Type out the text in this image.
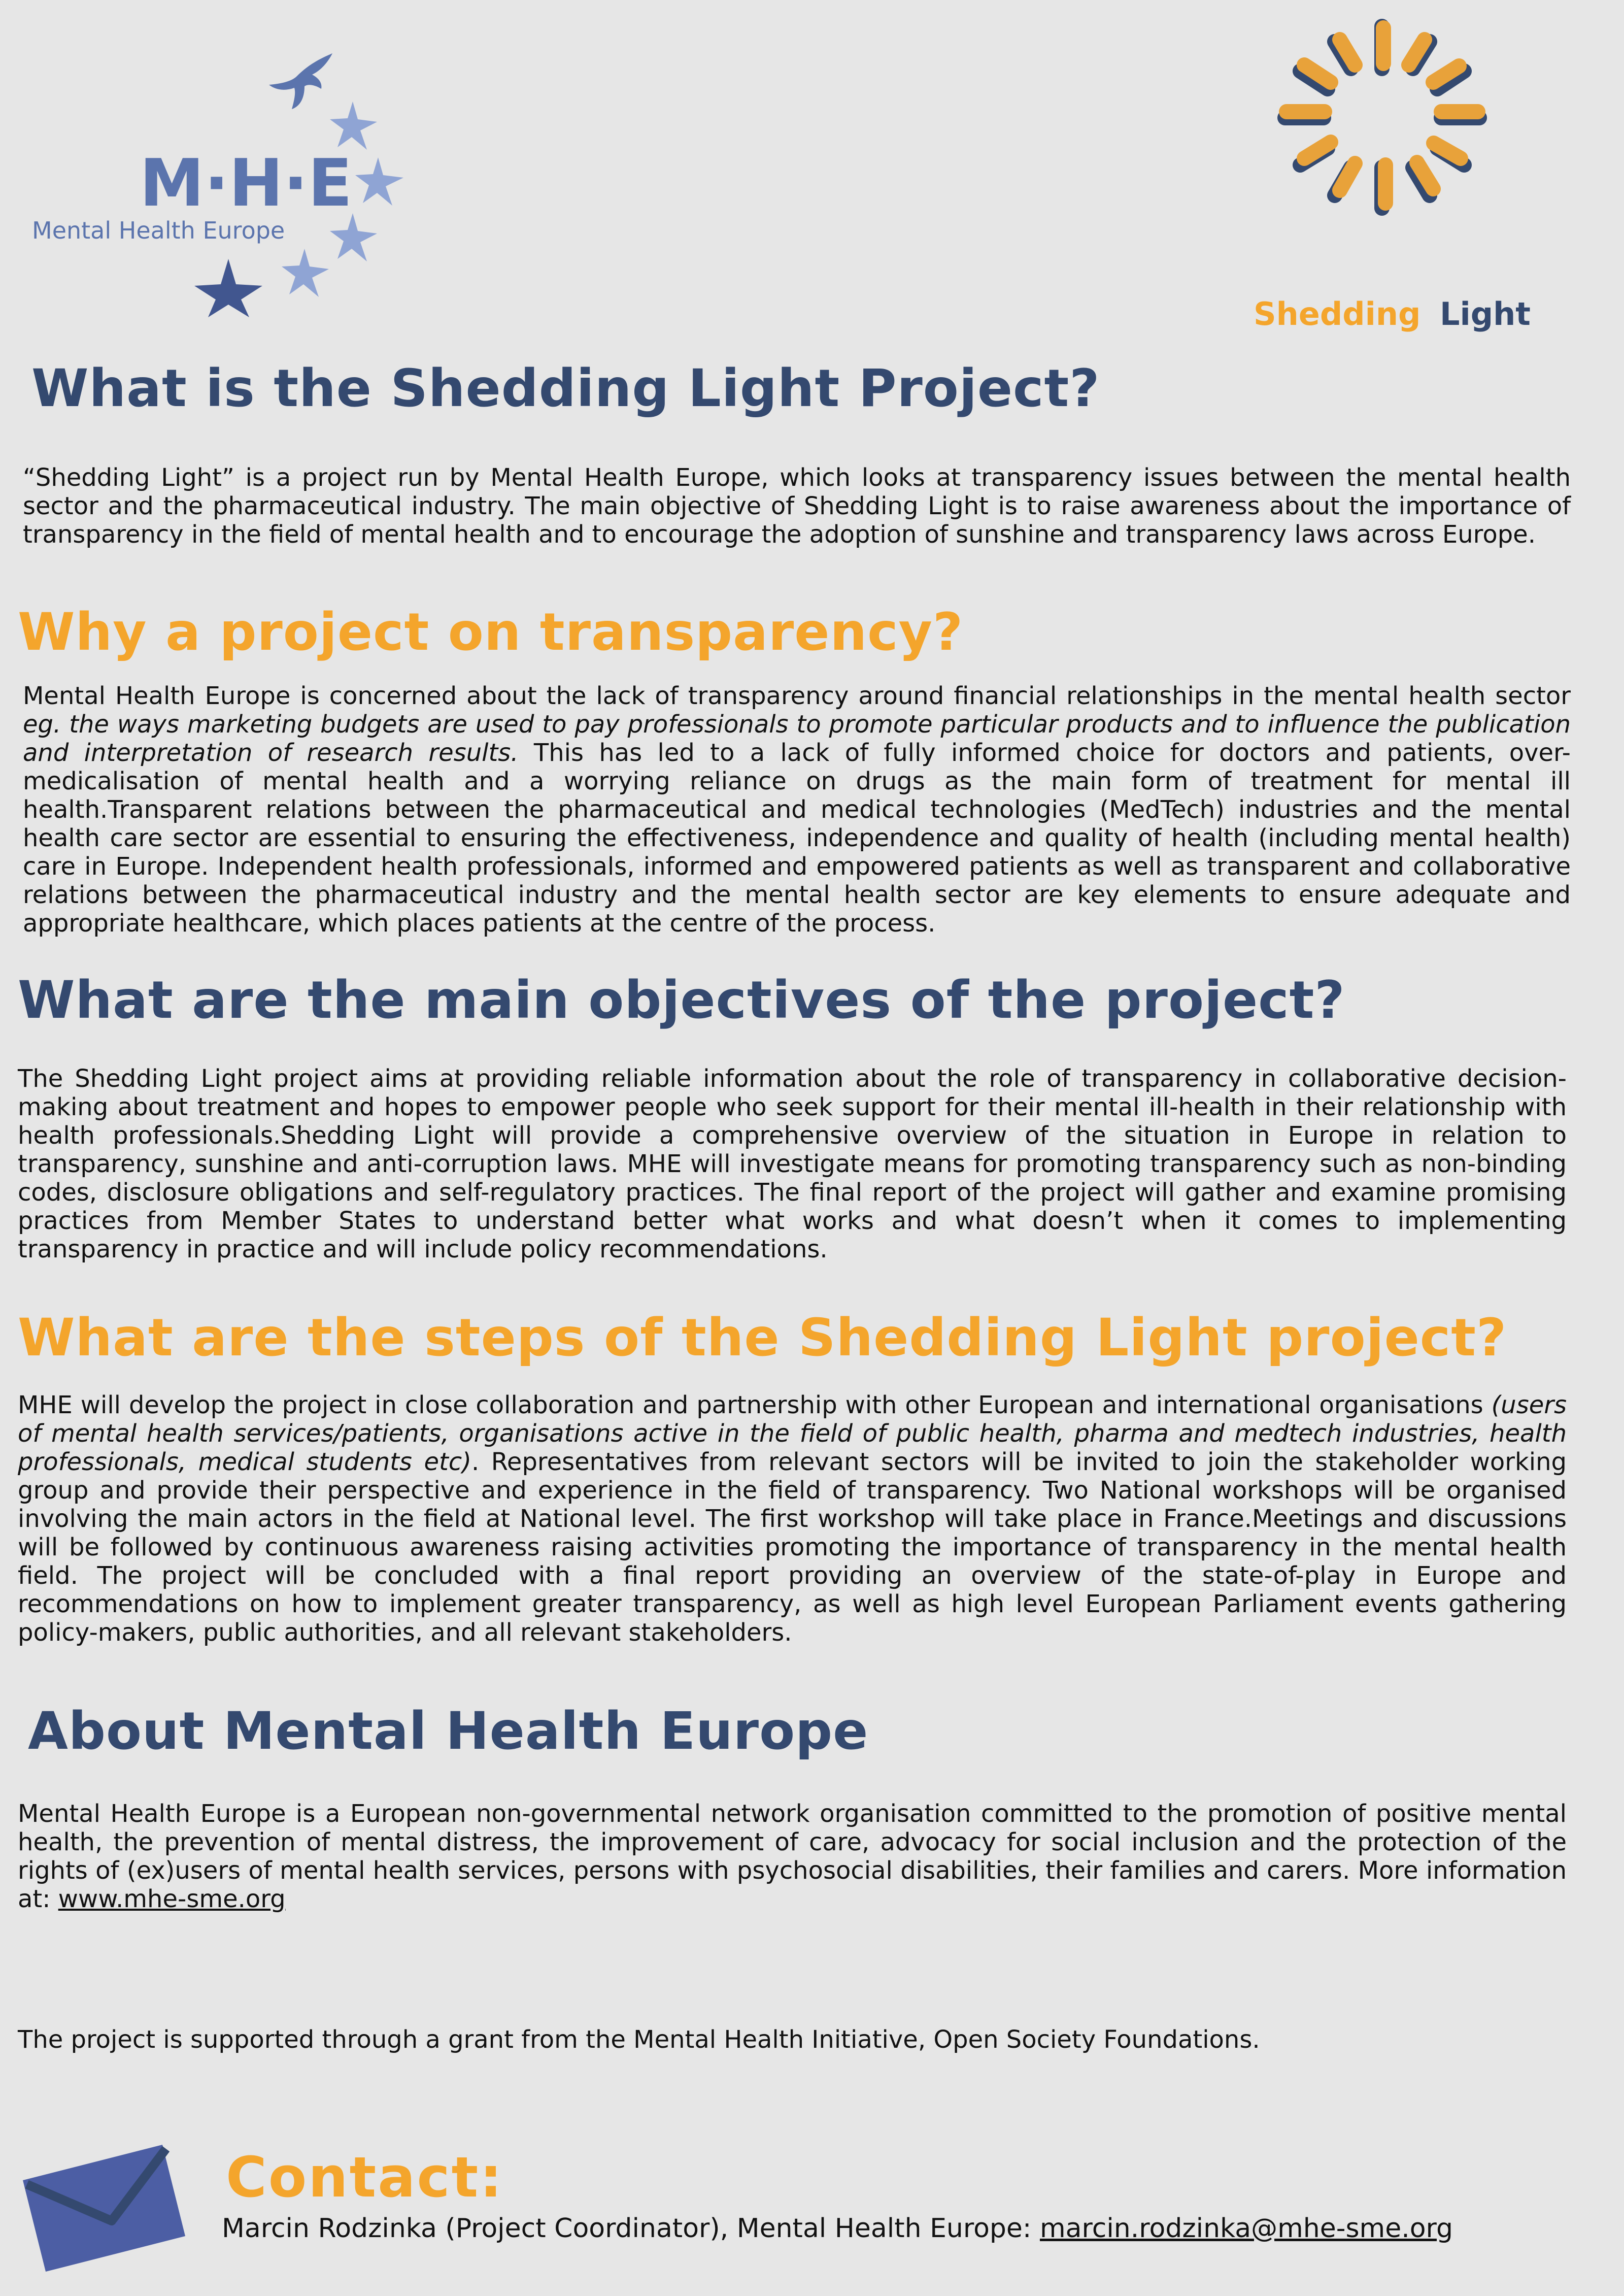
M·H·E
Mental Health Europe
Shedding Light
What is the Shedding Light Project?

“Shedding Light” is a project run by Mental Health Europe, which looks at transparency issues between the mental health sector and the pharmaceutical industry. The main objective of Shedding Light is to raise awareness about the importance of transparency in the field of mental health and to encourage the adoption of sunshine and transparency laws across Europe.

Why a project on transparency?

Mental Health Europe is concerned about the lack of transparency around financial relationships in the mental health sector eg. the ways marketing budgets are used to pay professionals to promote particular products and to influence the publication and interpretation of research results. This has led to a lack of fully informed choice for doctors and patients, over-medicalisation of mental health and a worrying reliance on drugs as the main form of treatment for mental ill health.Transparent relations between the pharmaceutical and medical technologies (MedTech) industries and the mental health care sector are essential to ensuring the effectiveness, independence and quality of health (including mental health) care in Europe. Independent health professionals, informed and empowered patients as well as transparent and collaborative relations between the pharmaceutical industry and the mental health sector are key elements to ensure adequate and appropriate healthcare, which places patients at the centre of the process.

What are the main objectives of the project?

The Shedding Light project aims at providing reliable information about the role of transparency in collaborative decision-making about treatment and hopes to empower people who seek support for their mental ill-health in their relationship with health professionals.Shedding Light will provide a comprehensive overview of the situation in Europe in relation to transparency, sunshine and anti-corruption laws. MHE will investigate means for promoting transparency such as non-binding codes, disclosure obligations and self-regulatory practices. The final report of the project will gather and examine promising practices from Member States to understand better what works and what doesn’t when it comes to implementing transparency in practice and will include policy recommendations.

What are the steps of the Shedding Light project?

MHE will develop the project in close collaboration and partnership with other European and international organisations (users of mental health services/patients, organisations active in the field of public health, pharma and medtech industries, health professionals, medical students etc). Representatives from relevant sectors will be invited to join the stakeholder working group and provide their perspective and experience in the field of transparency. Two National workshops will be organised involving the main actors in the field at National level. The first workshop will take place in France.Meetings and discussions will be followed by continuous awareness raising activities promoting the importance of transparency in the mental health field. The project will be concluded with a final report providing an overview of the state-of-play in Europe and recommendations on how to implement greater transparency, as well as high level European Parliament events gathering policy-makers, public authorities, and all relevant stakeholders.

About Mental Health Europe

Mental Health Europe is a European non-governmental network organisation committed to the promotion of positive mental health, the prevention of mental distress, the improvement of care, advocacy for social inclusion and the protection of the rights of (ex)users of mental health services, persons with psychosocial disabilities, their families and carers. More information at: www.mhe-sme.org

The project is supported through a grant from the Mental Health Initiative, Open Society Foundations.

Contact:
Marcin Rodzinka (Project Coordinator), Mental Health Europe: marcin.rodzinka@mhe-sme.org
